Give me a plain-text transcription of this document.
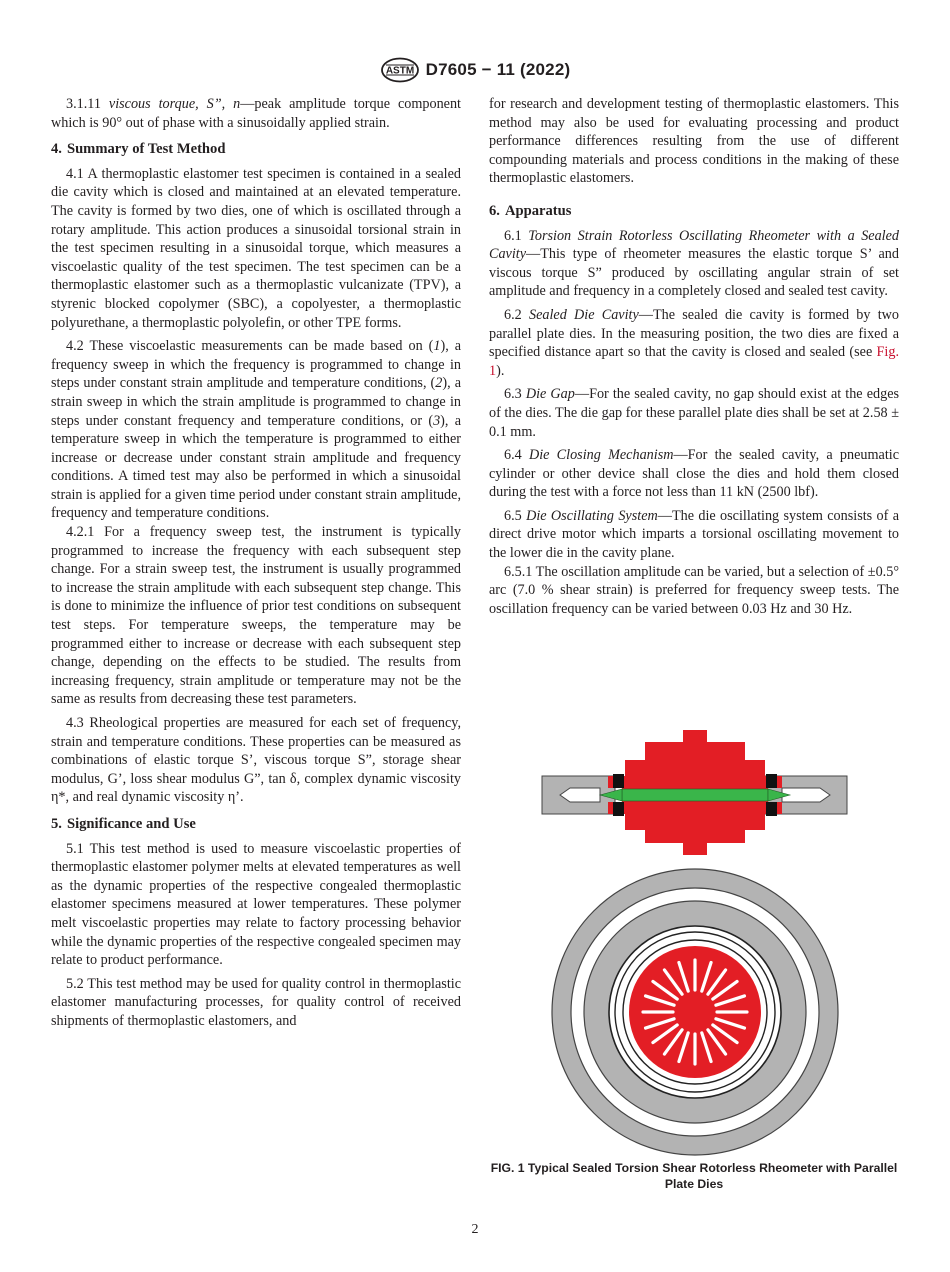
ASTM D7605 − 11 (2022)

3.1.11 viscous torque, S”, n—peak amplitude torque component which is 90° out of phase with a sinusoidally applied strain.

4. Summary of Test Method

4.1 A thermoplastic elastomer test specimen is contained in a sealed die cavity which is closed and maintained at an elevated temperature. The cavity is formed by two dies, one of which is oscillated through a rotary amplitude. This action produces a sinusoidal torsional strain in the test specimen resulting in a sinusoidal torque, which measures a viscoelastic quality of the test specimen. The test specimen can be a thermoplastic elastomer such as a thermoplastic vulcanizate (TPV), a styrenic blocked copolymer (SBC), a copolyester, a thermoplastic polyurethane, a thermoplastic polyolefin, or other TPE forms.

4.2 These viscoelastic measurements can be made based on (1), a frequency sweep in which the frequency is programmed to change in steps under constant strain amplitude and temperature conditions, (2), a strain sweep in which the strain amplitude is programmed to change in steps under constant frequency and temperature conditions, or (3), a temperature sweep in which the temperature is programmed to either increase or decrease under constant strain amplitude and frequency conditions. A timed test may also be performed in which a sinusoidal strain is applied for a given time period under constant strain amplitude, frequency and temperature conditions.

4.2.1 For a frequency sweep test, the instrument is typically programmed to increase the frequency with each subsequent step change. For a strain sweep test, the instrument is usually programmed to increase the strain amplitude with each subsequent step change. This is done to minimize the influence of prior test conditions on subsequent test steps. For temperature sweeps, the temperature may be programmed either to increase or decrease with each subsequent step change, depending on the effects to be studied. The results from increasing frequency, strain amplitude or temperature may not be the same as results from decreasing these test parameters.

4.3 Rheological properties are measured for each set of frequency, strain and temperature conditions. These properties can be measured as combinations of elastic torque S’, viscous torque S”, storage shear modulus, G’, loss shear modulus G”, tan δ, complex dynamic viscosity η*, and real dynamic viscosity η’.

5. Significance and Use

5.1 This test method is used to measure viscoelastic properties of thermoplastic elastomer polymer melts at elevated temperatures as well as the dynamic properties of the respective congealed thermoplastic elastomer specimens measured at lower temperatures. These polymer melt viscoelastic properties may relate to factory processing behavior while the dynamic properties of the respective congealed specimen may relate to product performance.

5.2 This test method may be used for quality control in thermoplastic elastomer manufacturing processes, for quality control of received shipments of thermoplastic elastomers, and

for research and development testing of thermoplastic elastomers. This method may also be used for evaluating processing and product performance differences resulting from the use of different compounding materials and process conditions in the making of these thermoplastic elastomers.

6. Apparatus

6.1 Torsion Strain Rotorless Oscillating Rheometer with a Sealed Cavity—This type of rheometer measures the elastic torque S’ and viscous torque S” produced by oscillating angular strain of set amplitude and frequency in a completely closed and sealed test cavity.

6.2 Sealed Die Cavity—The sealed die cavity is formed by two parallel plate dies. In the measuring position, the two dies are fixed a specified distance apart so that the cavity is closed and sealed (see Fig. 1).

6.3 Die Gap—For the sealed cavity, no gap should exist at the edges of the dies. The die gap for these parallel plate dies shall be set at 2.58 ± 0.1 mm.

6.4 Die Closing Mechanism—For the sealed cavity, a pneumatic cylinder or other device shall close the dies and hold them closed during the test with a force not less than 11 kN (2500 lbf).

6.5 Die Oscillating System—The die oscillating system consists of a direct drive motor which imparts a torsional oscillating movement to the lower die in the cavity plane.

6.5.1 The oscillation amplitude can be varied, but a selection of ±0.5° arc (7.0 % shear strain) is preferred for frequency sweep tests. The oscillation frequency can be varied between 0.03 Hz and 30 Hz.

FIG. 1 Typical Sealed Torsion Shear Rotorless Rheometer with Parallel Plate Dies
2
